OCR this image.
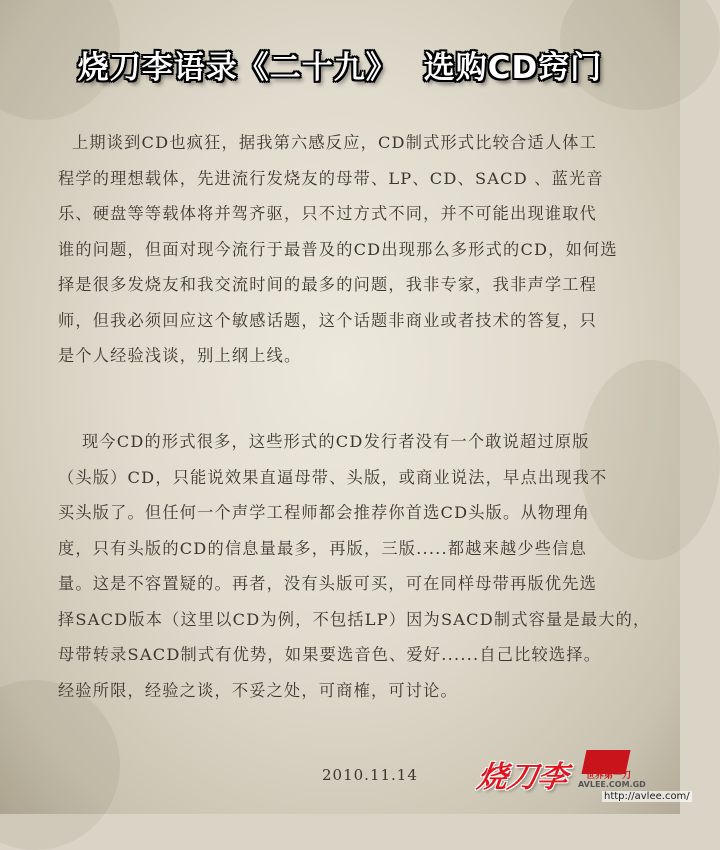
烧刀李语录《二十九》 选购CD窍门
上期谈到CD也疯狂，据我第六感反应，CD制式形式比较合适人体工
程学的理想载体，先进流行发烧友的母带、LP、CD、SACD 、蓝光音
乐、硬盘等等载体将并驾齐驱，只不过方式不同，并不可能出现谁取代
谁的问题，但面对现今流行于最普及的CD出现那么多形式的CD，如何选
择是很多发烧友和我交流时间的最多的问题，我非专家，我非声学工程
师，但我必须回应这个敏感话题，这个话题非商业或者技术的答复，只
是个人经验浅谈，别上纲上线。
现今CD的形式很多，这些形式的CD发行者没有一个敢说超过原版
（头版）CD，只能说效果直逼母带、头版，或商业说法，早点出现我不
买头版了。但任何一个声学工程师都会推荐你首选CD头版。从物理角
度，只有头版的CD的信息量最多，再版，三版.....都越来越少些信息
量。这是不容置疑的。再者，没有头版可买，可在同样母带再版优先选
择SACD版本（这里以CD为例，不包括LP）因为SACD制式容量是最大的，
母带转录SACD制式有优势，如果要选音色、爱好......自己比较选择。
经验所限，经验之谈，不妥之处，可商榷，可讨论。
2010.11.14 烧刀李 世界第一刀
AVLEE.COM.GD
http://avlee.com/
